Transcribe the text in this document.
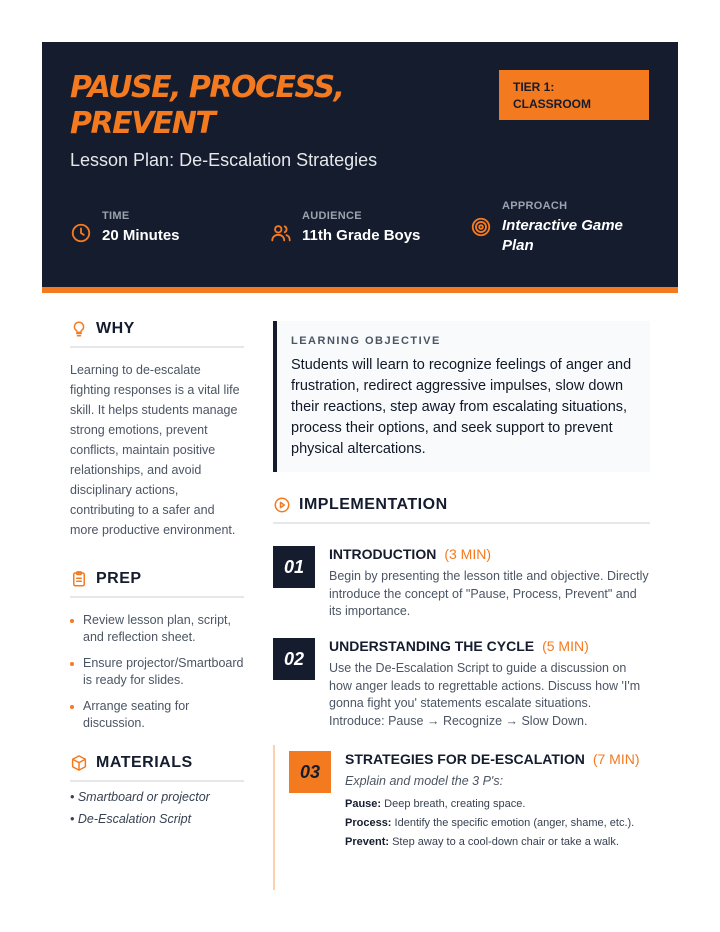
PAUSE, PROCESS, PREVENT
Lesson Plan: De-Escalation Strategies
TIER 1: CLASSROOM
TIME
20 Minutes
AUDIENCE
11th Grade Boys
APPROACH
Interactive Game Plan
WHY
Learning to de-escalate fighting responses is a vital life skill. It helps students manage strong emotions, prevent conflicts, maintain positive relationships, and avoid disciplinary actions, contributing to a safer and more productive environment.
PREP
Review lesson plan, script, and reflection sheet.
Ensure projector/Smartboard is ready for slides.
Arrange seating for discussion.
MATERIALS
• Smartboard or projector
• De-Escalation Script
LEARNING OBJECTIVE
Students will learn to recognize feelings of anger and frustration, redirect aggressive impulses, slow down their reactions, step away from escalating situations, process their options, and seek support to prevent physical altercations.
IMPLEMENTATION
01
INTRODUCTION (3 MIN)
Begin by presenting the lesson title and objective. Directly introduce the concept of "Pause, Process, Prevent" and its importance.
02
UNDERSTANDING THE CYCLE (5 MIN)
Use the De-Escalation Script to guide a discussion on how anger leads to regrettable actions. Discuss how 'I'm gonna fight you' statements escalate situations. Introduce: Pause → Recognize → Slow Down.
03
STRATEGIES FOR DE-ESCALATION (7 MIN)
Explain and model the 3 P's:
Pause: Deep breath, creating space.
Process: Identify the specific emotion (anger, shame, etc.).
Prevent: Step away to a cool-down chair or take a walk.
